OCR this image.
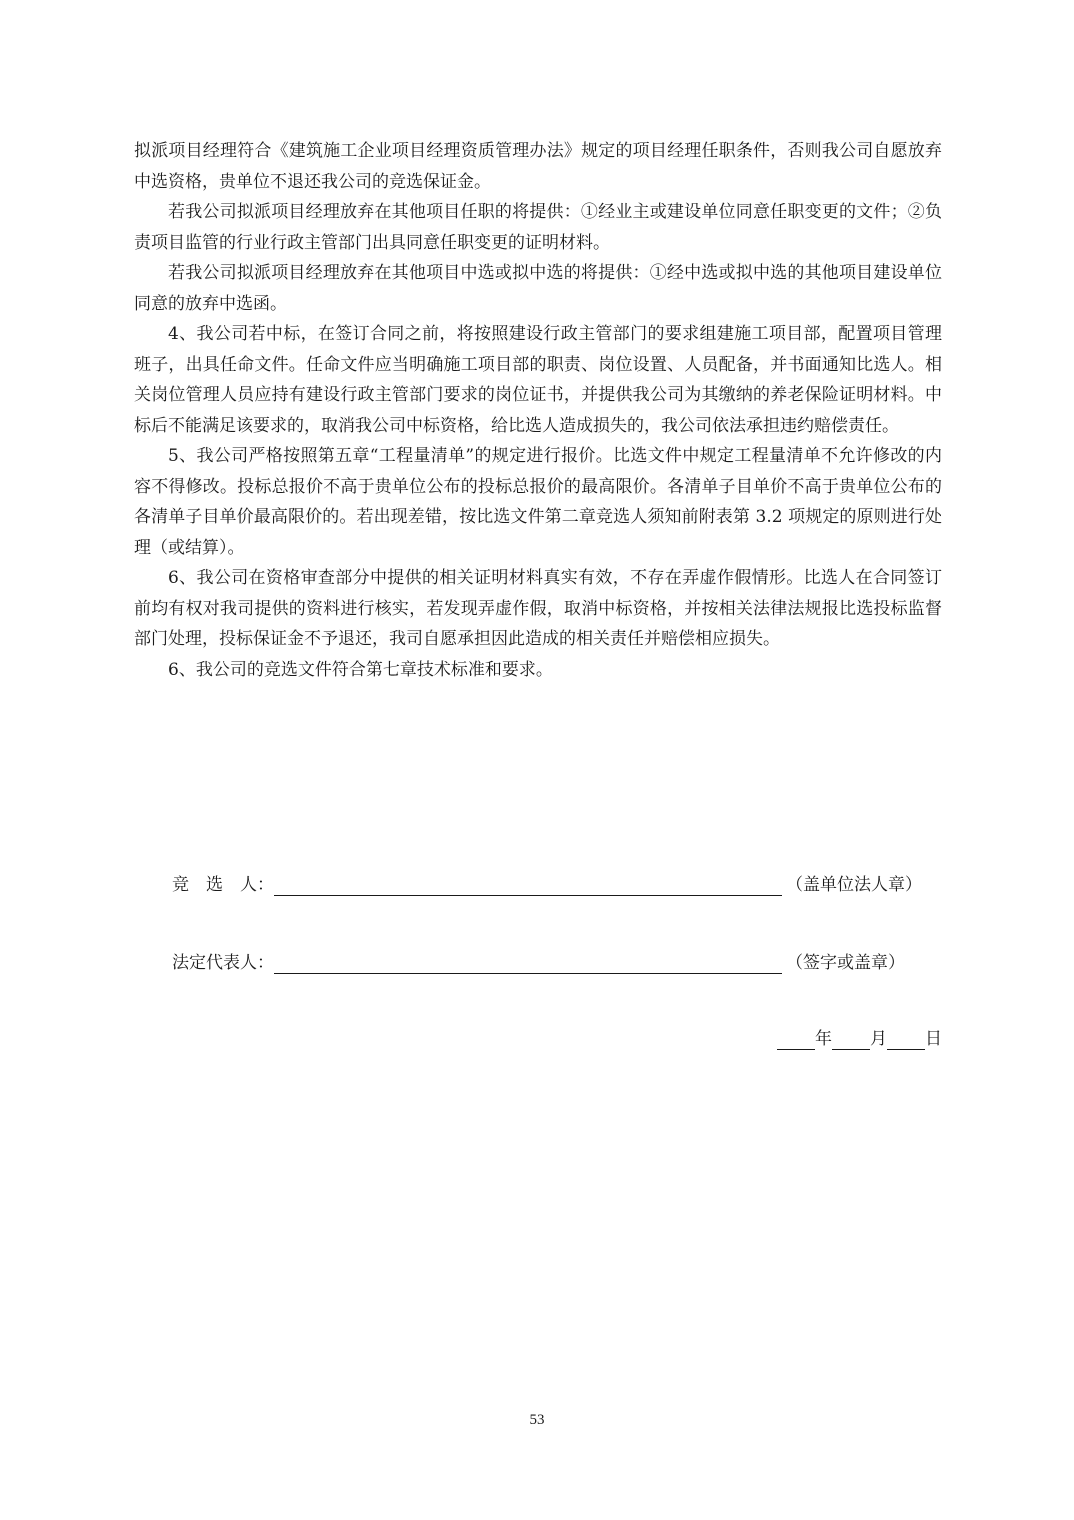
拟派项目经理符合《建筑施工企业项目经理资质管理办法》规定的项目经理任职条件，否则我公司自愿放弃中选资格，贵单位不退还我公司的竞选保证金。

若我公司拟派项目经理放弃在其他项目任职的将提供：①经业主或建设单位同意任职变更的文件；②负责项目监管的行业行政主管部门出具同意任职变更的证明材料。

若我公司拟派项目经理放弃在其他项目中选或拟中选的将提供：①经中选或拟中选的其他项目建设单位同意的放弃中选函。

4、我公司若中标，在签订合同之前，将按照建设行政主管部门的要求组建施工项目部，配置项目管理班子，出具任命文件。任命文件应当明确施工项目部的职责、岗位设置、人员配备，并书面通知比选人。相关岗位管理人员应持有建设行政主管部门要求的岗位证书，并提供我公司为其缴纳的养老保险证明材料。中标后不能满足该要求的，取消我公司中标资格，给比选人造成损失的，我公司依法承担违约赔偿责任。

5、我公司严格按照第五章“工程量清单”的规定进行报价。比选文件中规定工程量清单不允许修改的内容不得修改。投标总报价不高于贵单位公布的投标总报价的最高限价。各清单子目单价不高于贵单位公布的各清单子目单价最高限价的。若出现差错，按比选文件第二章竞选人须知前附表第 3.2 项规定的原则进行处理（或结算）。

6、我公司在资格审查部分中提供的相关证明材料真实有效，不存在弄虚作假情形。比选人在合同签订前均有权对我司提供的资料进行核实，若发现弄虚作假，取消中标资格，并按相关法律法规报比选投标监督部门处理，投标保证金不予退还，我司自愿承担因此造成的相关责任并赔偿相应损失。

6、我公司的竞选文件符合第七章技术标准和要求。

竞　选　人：	（盖单位法人章）
法定代表人：	（签字或盖章）
年 月 日
53
